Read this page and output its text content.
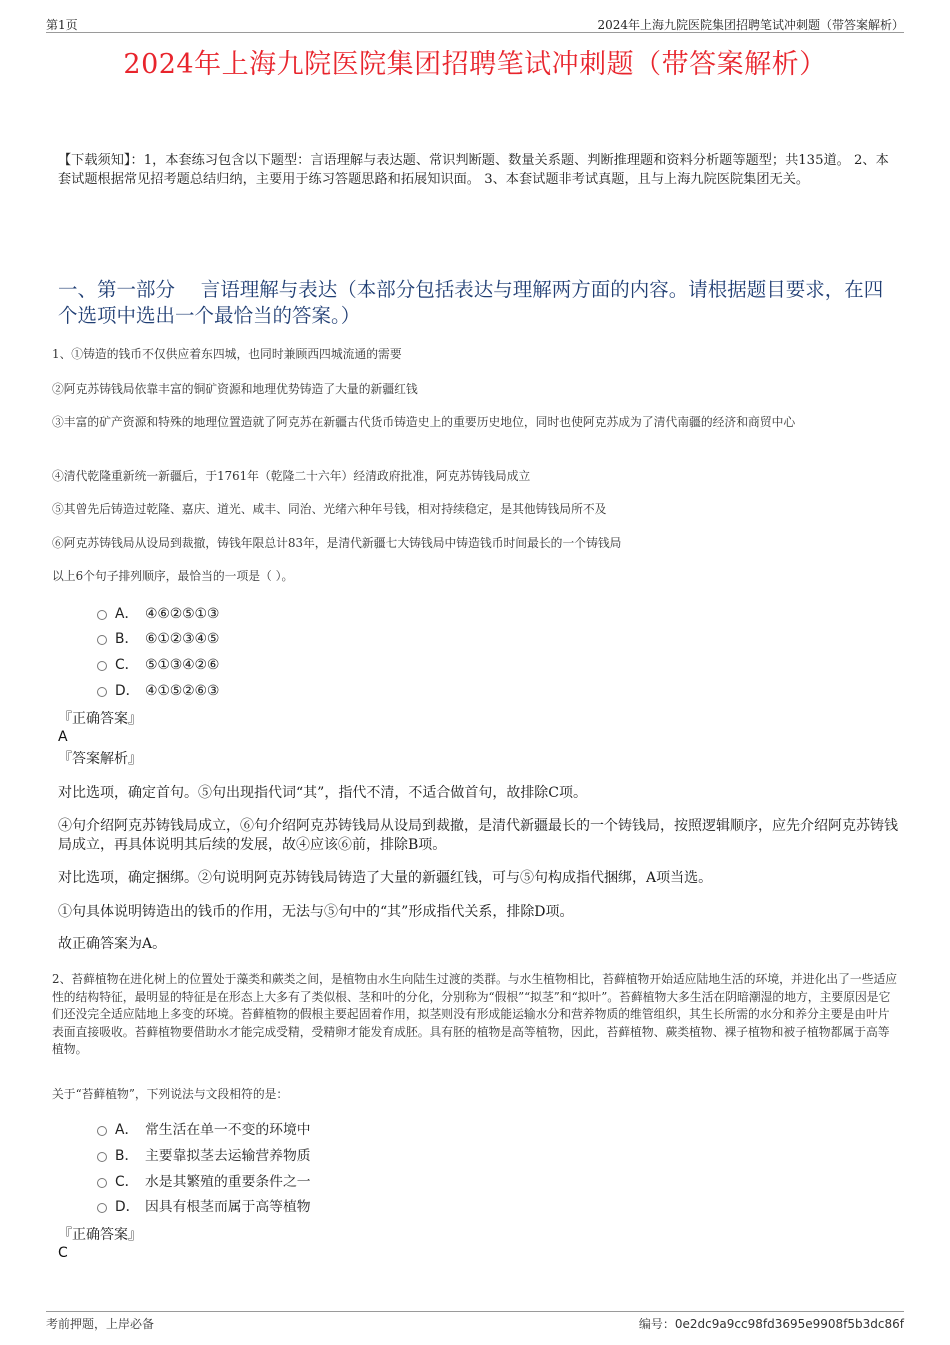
第1页	2024年上海九院医院集团招聘笔试冲刺题（带答案解析）
2024年上海九院医院集团招聘笔试冲刺题（带答案解析）
【下载须知】：1，本套练习包含以下题型：言语理解与表达题、常识判断题、数量关系题、判断推理题和资料分析题等题型；共135道。 2、本套试题根据常见招考题总结归纳，主要用于练习答题思路和拓展知识面。 3、本套试题非考试真题，且与上海九院医院集团无关。
一、第一部分　 言语理解与表达（本部分包括表达与理解两方面的内容。请根据题目要求，在四个选项中选出一个最恰当的答案。）
1、①铸造的钱币不仅供应着东四城，也同时兼顾西四城流通的需要
②阿克苏铸钱局依靠丰富的铜矿资源和地理优势铸造了大量的新疆红钱
③丰富的矿产资源和特殊的地理位置造就了阿克苏在新疆古代货币铸造史上的重要历史地位，同时也使阿克苏成为了清代南疆的经济和商贸中心
④清代乾隆重新统一新疆后，于1761年（乾隆二十六年）经清政府批准，阿克苏铸钱局成立
⑤其曾先后铸造过乾隆、嘉庆、道光、咸丰、同治、光绪六种年号钱，相对持续稳定，是其他铸钱局所不及
⑥阿克苏铸钱局从设局到裁撤，铸钱年限总计83年，是清代新疆七大铸钱局中铸造钱币时间最长的一个铸钱局
以上6个句子排列顺序，最恰当的一项是（ ）。
A． ④⑥②⑤①③
B． ⑥①②③④⑤
C． ⑤①③④②⑥
D． ④①⑤②⑥③
『正确答案』
A
『答案解析』
对比选项，确定首句。⑤句出现指代词“其”，指代不清，不适合做首句，故排除C项。
④句介绍阿克苏铸钱局成立，⑥句介绍阿克苏铸钱局从设局到裁撤，是清代新疆最长的一个铸钱局，按照逻辑顺序，应先介绍阿克苏铸钱局成立，再具体说明其后续的发展，故④应该⑥前，排除B项。
对比选项，确定捆绑。②句说明阿克苏铸钱局铸造了大量的新疆红钱，可与⑤句构成指代捆绑，A项当选。
①句具体说明铸造出的钱币的作用，无法与⑤句中的“其”形成指代关系，排除D项。
故正确答案为A。
2、苔藓植物在进化树上的位置处于藻类和蕨类之间，是植物由水生向陆生过渡的类群。与水生植物相比，苔藓植物开始适应陆地生活的环境，并进化出了一些适应性的结构特征，最明显的特征是在形态上大多有了类似根、茎和叶的分化，分别称为“假根”“拟茎”和“拟叶”。苔藓植物大多生活在阴暗潮湿的地方，主要原因是它们还没完全适应陆地上多变的环境。苔藓植物的假根主要起固着作用，拟茎则没有形成能运输水分和营养物质的维管组织，其生长所需的水分和养分主要是由叶片表面直接吸收。苔藓植物要借助水才能完成受精，受精卵才能发育成胚。具有胚的植物是高等植物，因此，苔藓植物、蕨类植物、裸子植物和被子植物都属于高等植物。
关于“苔藓植物”，下列说法与文段相符的是：
A． 常生活在单一不变的环境中
B． 主要靠拟茎去运输营养物质
C． 水是其繁殖的重要条件之一
D． 因具有根茎而属于高等植物
『正确答案』
C
考前押题，上岸必备	编号：0e2dc9a9cc98fd3695e9908f5b3dc86f
